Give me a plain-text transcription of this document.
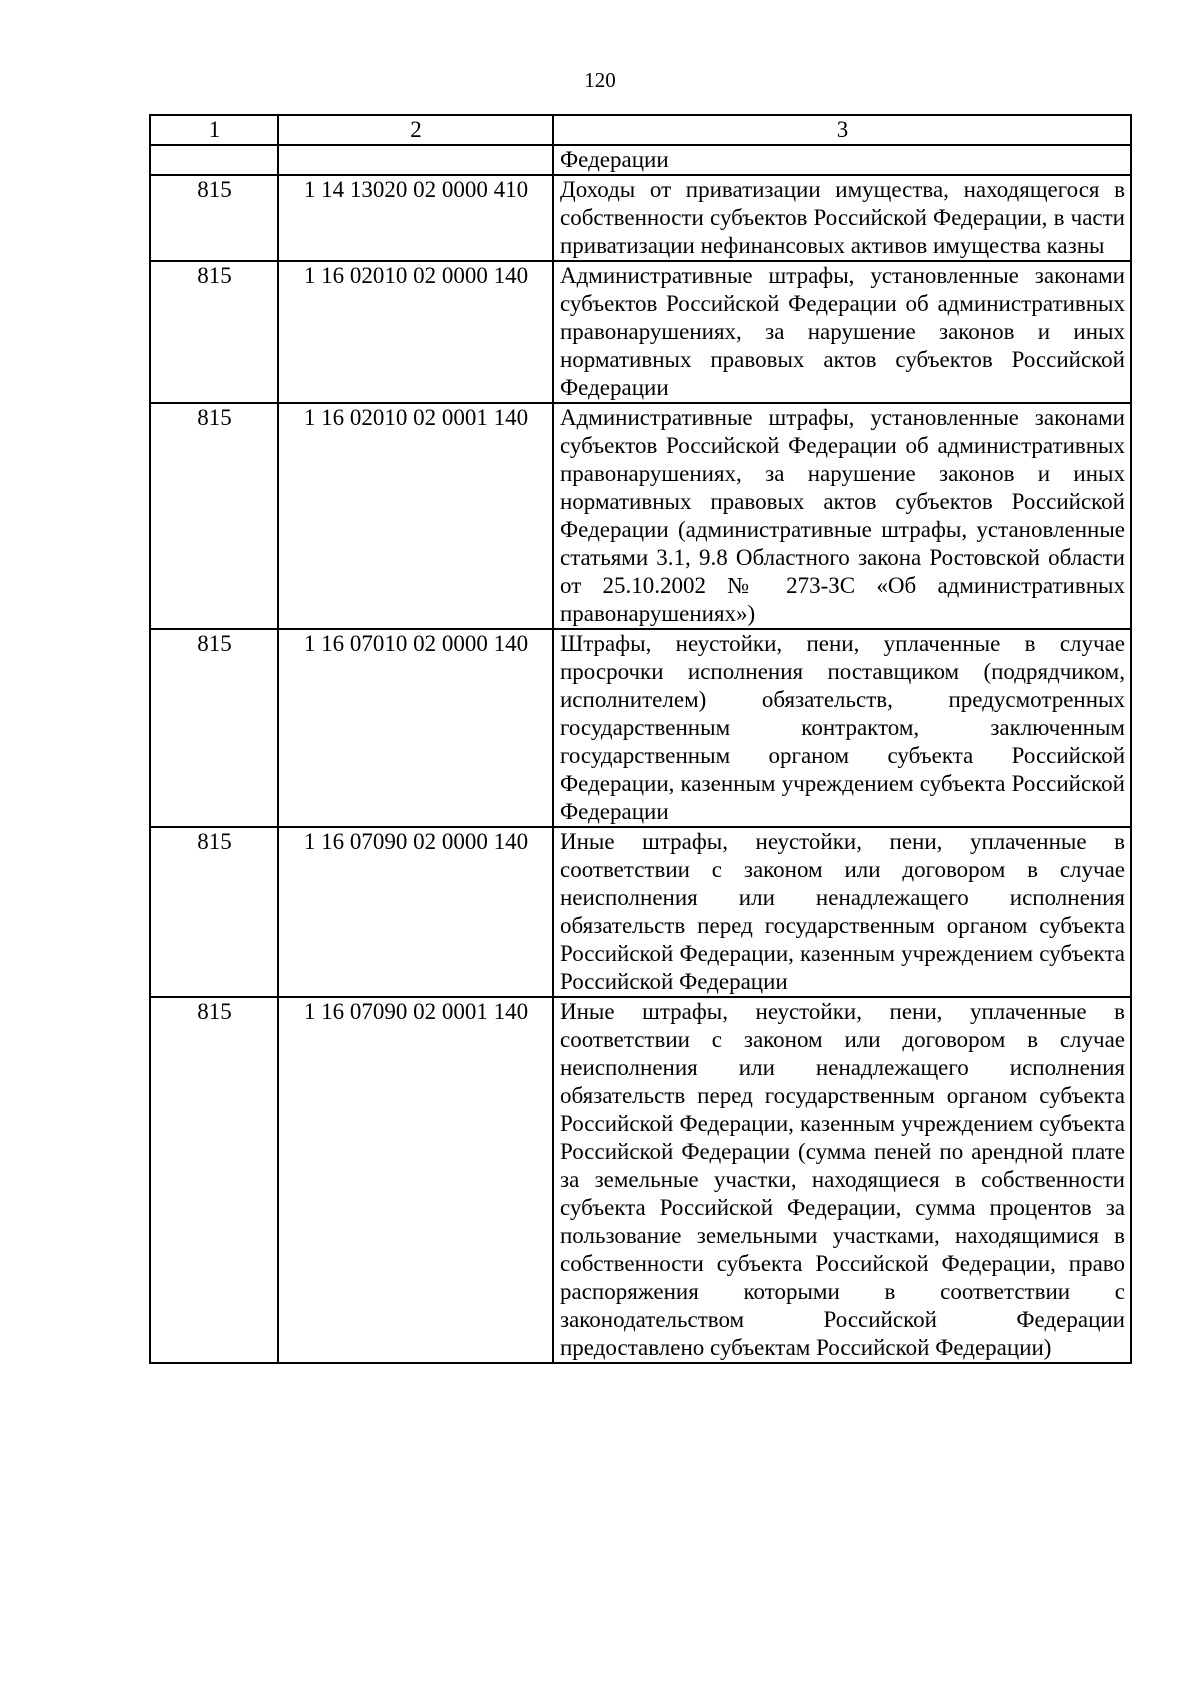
120
1	2	3
		Федерации
815	1 14 13020 02 0000 410	Доходы от приватизации имущества, находящегося в собственности субъектов Российской Федерации, в части приватизации нефинансовых активов имущества казны
815	1 16 02010 02 0000 140	Административные штрафы, установленные законами субъектов Российской Федерации об административных правонарушениях, за нарушение законов и иных нормативных правовых актов субъектов Российской Федерации
815	1 16 02010 02 0001 140	Административные штрафы, установленные законами субъектов Российской Федерации об административных правонарушениях, за нарушение законов и иных нормативных правовых актов субъектов Российской Федерации (административные штрафы, установленные статьями 3.1, 9.8 Областного закона Ростовской области от 25.10.2002 № 273-ЗС «Об административных правонарушениях»)
815	1 16 07010 02 0000 140	Штрафы, неустойки, пени, уплаченные в случае просрочки исполнения поставщиком (подрядчиком, исполнителем) обязательств, предусмотренных государственным контрактом, заключенным государственным органом субъекта Российской Федерации, казенным учреждением субъекта Российской Федерации
815	1 16 07090 02 0000 140	Иные штрафы, неустойки, пени, уплаченные в соответствии с законом или договором в случае неисполнения или ненадлежащего исполнения обязательств перед государственным органом субъекта Российской Федерации, казенным учреждением субъекта Российской Федерации
815	1 16 07090 02 0001 140	Иные штрафы, неустойки, пени, уплаченные в соответствии с законом или договором в случае неисполнения или ненадлежащего исполнения обязательств перед государственным органом субъекта Российской Федерации, казенным учреждением субъекта Российской Федерации (сумма пеней по арендной плате за земельные участки, находящиеся в собственности субъекта Российской Федерации, сумма процентов за пользование земельными участками, находящимися в собственности субъекта Российской Федерации, право распоряжения которыми в соответствии с законодательством Российской Федерации предоставлено субъектам Российской Федерации)
